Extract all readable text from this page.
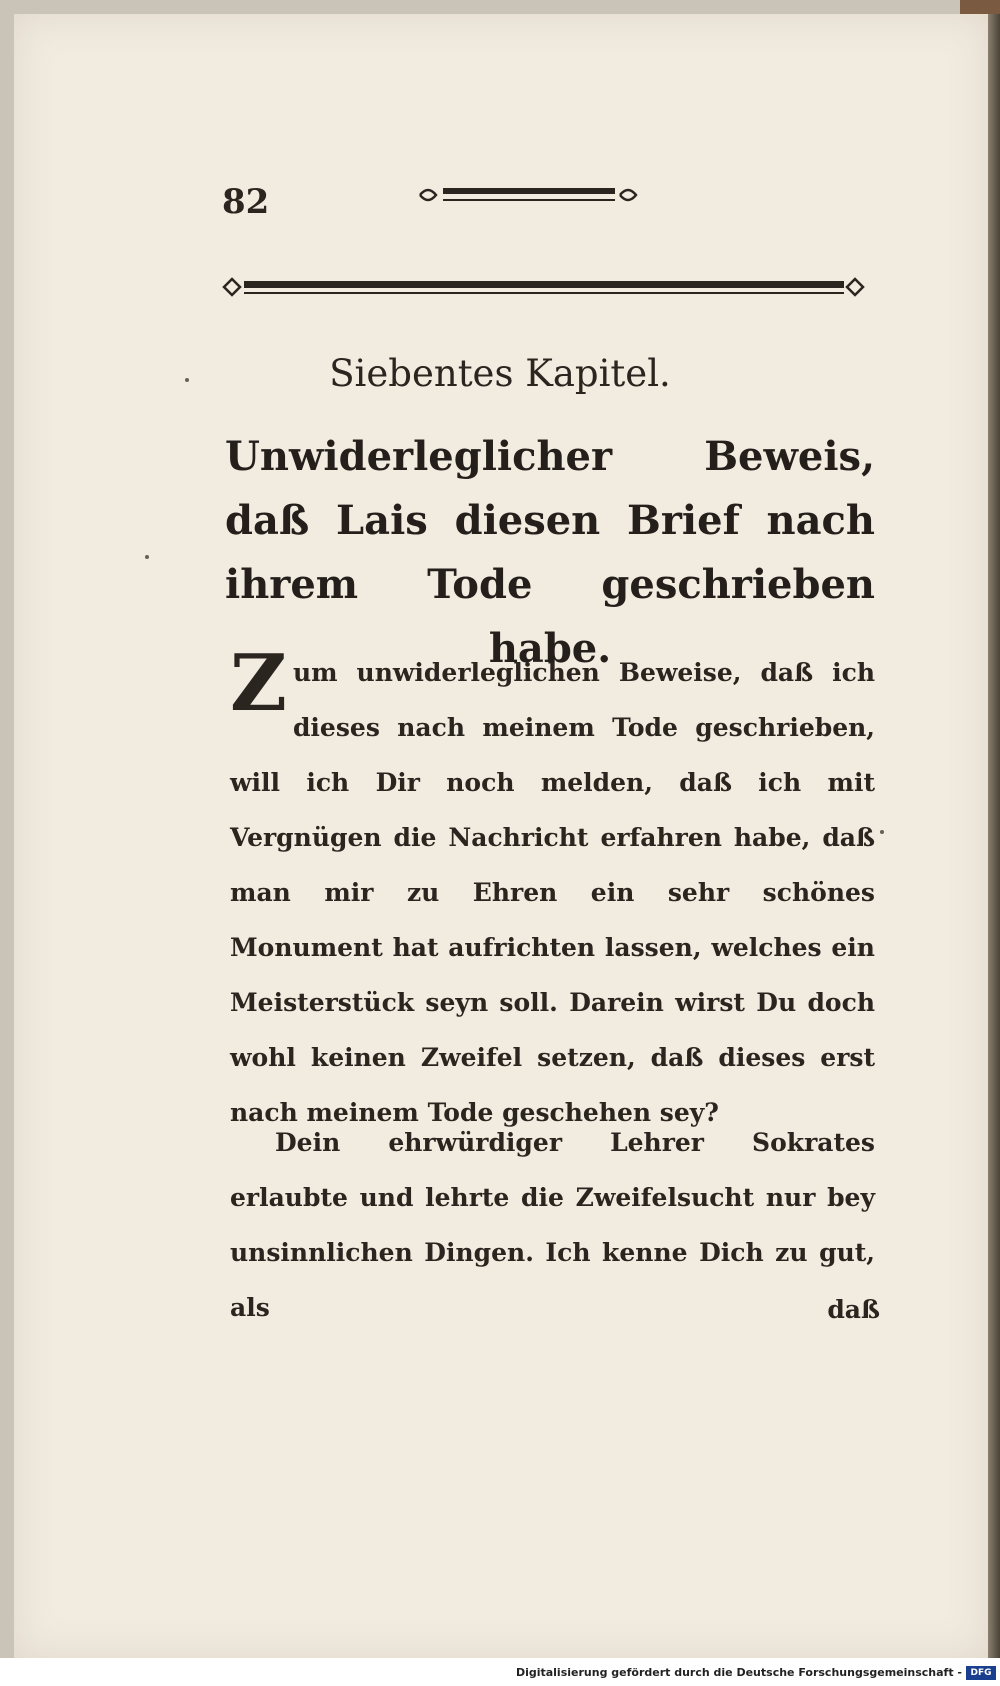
82
Siebentes Kapitel.
Unwiderleglicher Beweis, daß Lais diesen Brief nach ihrem Tode geschrieben habe.
Z um unwiderleglichen Beweise, daß ich dieses nach meinem Tode geschrieben, will ich Dir noch melden, daß ich mit Vergnügen die Nachricht erfahren habe, daß man mir zu Ehren ein sehr schönes Monument hat aufrichten lassen, welches ein Meisterstück seyn soll. Darein wirst Du doch wohl keinen Zweifel setzen, daß dieses erst nach meinem Tode geschehen sey?
Dein ehrwürdiger Lehrer Sokrates erlaubte und lehrte die Zweifelsucht nur bey unsinnlichen Dingen. Ich kenne Dich zu gut, als	daß
Digitalisierung gefördert durch die Deutsche Forschungsgemeinschaft - DFG
